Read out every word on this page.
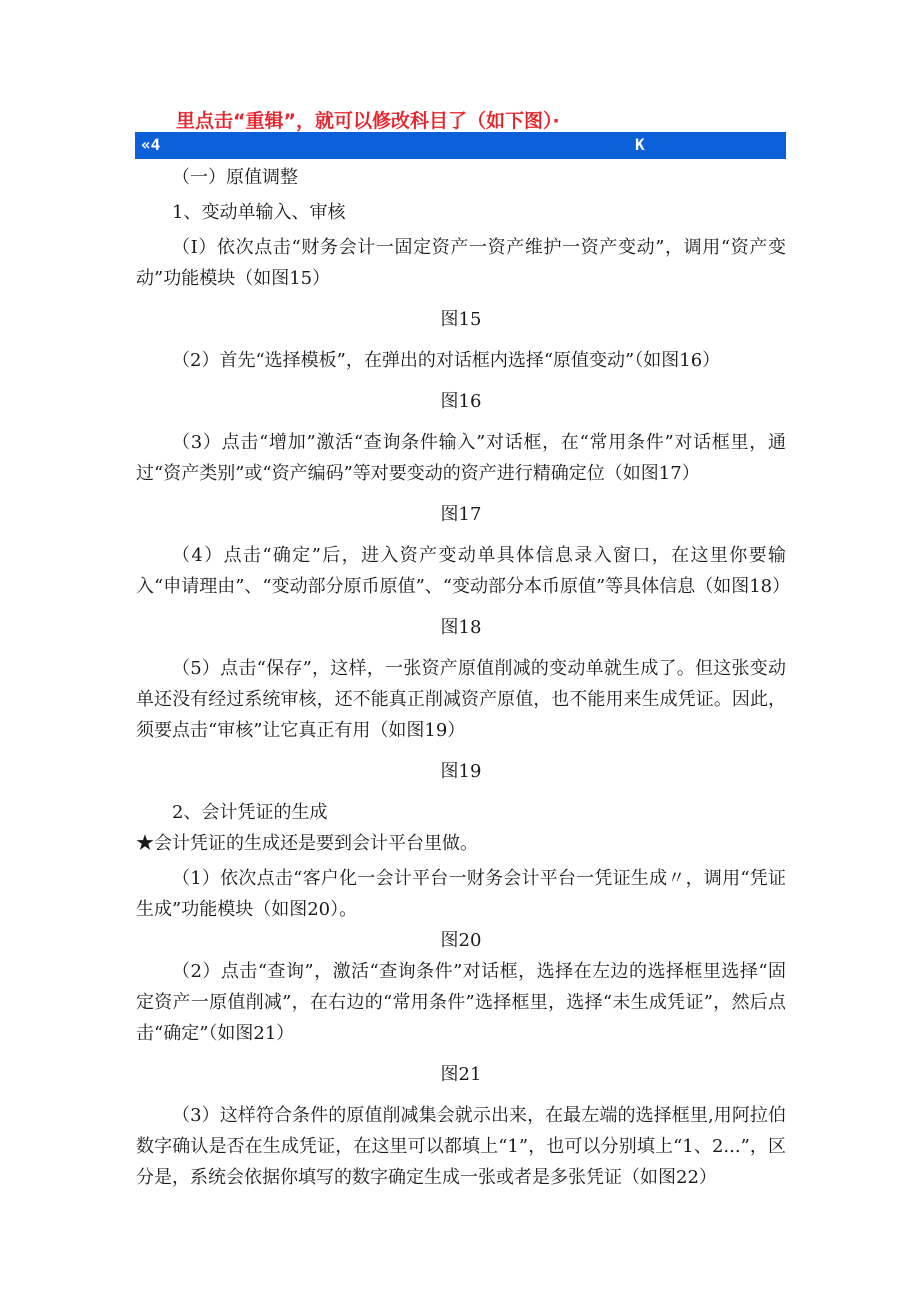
里点击“重辑”，就可以修改科目了（如下图）·
«4	K

（一）原值调整

1、变动单输入、审核

（I）依次点击“财务会计一固定资产一资产维护一资产变动”，调用“资产变动”功能模块（如图15）

图15

（2）首先“选择模板”，在弹出的对话框内选择“原值变动”（如图16）

图16

（3）点击“增加”激活“查询条件输入”对话框，在“常用条件”对话框里，通过“资产类别”或“资产编码”等对要变动的资产进行精确定位（如图17）

图17

（4）点击“确定”后，进入资产变动单具体信息录入窗口，在这里你要输入“申请理由”、“变动部分原币原值”、“变动部分本币原值”等具体信息（如图18）

图18

（5）点击“保存”，这样，一张资产原值削减的变动单就生成了。但这张变动单还没有经过系统审核，还不能真正削减资产原值，也不能用来生成凭证。因此，须要点击“审核”让它真正有用（如图19）

图19

2、会计凭证的生成

★会计凭证的生成还是要到会计平台里做。

（1）依次点击“客户化一会计平台一财务会计平台一凭证生成〃，调用“凭证生成”功能模块（如图20）。

图20

（2）点击“查询”，激活“查询条件”对话框，选择在左边的选择框里选择“固定资产一原值削减”，在右边的“常用条件”选择框里，选择“未生成凭证”，然后点击“确定”（如图21）

图21

（3）这样符合条件的原值削减集会就示出来，在最左端的选择框里,用阿拉伯数字确认是否在生成凭证，在这里可以都填上“1”，也可以分别填上“1、2...”，区分是，系统会依据你填写的数字确定生成一张或者是多张凭证（如图22）
